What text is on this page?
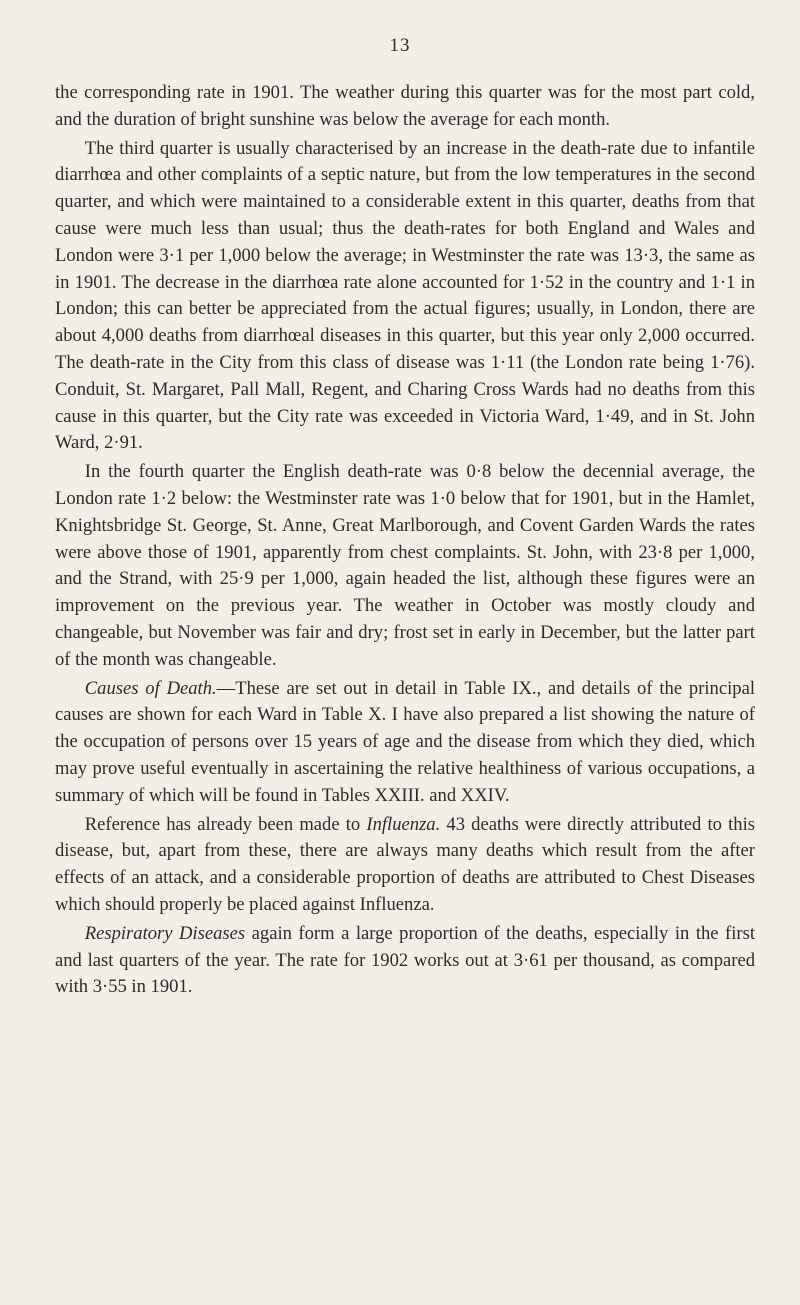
13

the corresponding rate in 1901. The weather during this quarter was for the most part cold, and the duration of bright sunshine was below the average for each month.

The third quarter is usually characterised by an increase in the death-rate due to infantile diarrhœa and other complaints of a septic nature, but from the low temperatures in the second quarter, and which were maintained to a considerable extent in this quarter, deaths from that cause were much less than usual; thus the death-rates for both England and Wales and London were 3·1 per 1,000 below the average; in Westminster the rate was 13·3, the same as in 1901. The decrease in the diarrhœa rate alone accounted for 1·52 in the country and 1·1 in London; this can better be appreciated from the actual figures; usually, in London, there are about 4,000 deaths from diarrhœal diseases in this quarter, but this year only 2,000 occurred. The death-rate in the City from this class of disease was 1·11 (the London rate being 1·76). Conduit, St. Margaret, Pall Mall, Regent, and Charing Cross Wards had no deaths from this cause in this quarter, but the City rate was exceeded in Victoria Ward, 1·49, and in St. John Ward, 2·91.

In the fourth quarter the English death-rate was 0·8 below the decennial average, the London rate 1·2 below: the Westminster rate was 1·0 below that for 1901, but in the Hamlet, Knightsbridge St. George, St. Anne, Great Marlborough, and Covent Garden Wards the rates were above those of 1901, apparently from chest complaints. St. John, with 23·8 per 1,000, and the Strand, with 25·9 per 1,000, again headed the list, although these figures were an improvement on the previous year. The weather in October was mostly cloudy and changeable, but November was fair and dry; frost set in early in December, but the latter part of the month was changeable.

Causes of Death.—These are set out in detail in Table IX., and details of the principal causes are shown for each Ward in Table X. I have also prepared a list showing the nature of the occupation of persons over 15 years of age and the disease from which they died, which may prove useful eventually in ascertaining the relative healthiness of various occupations, a summary of which will be found in Tables XXIII. and XXIV.

Reference has already been made to Influenza. 43 deaths were directly attributed to this disease, but, apart from these, there are always many deaths which result from the after effects of an attack, and a considerable proportion of deaths are attributed to Chest Diseases which should properly be placed against Influenza.

Respiratory Diseases again form a large proportion of the deaths, especially in the first and last quarters of the year. The rate for 1902 works out at 3·61 per thousand, as compared with 3·55 in 1901.
